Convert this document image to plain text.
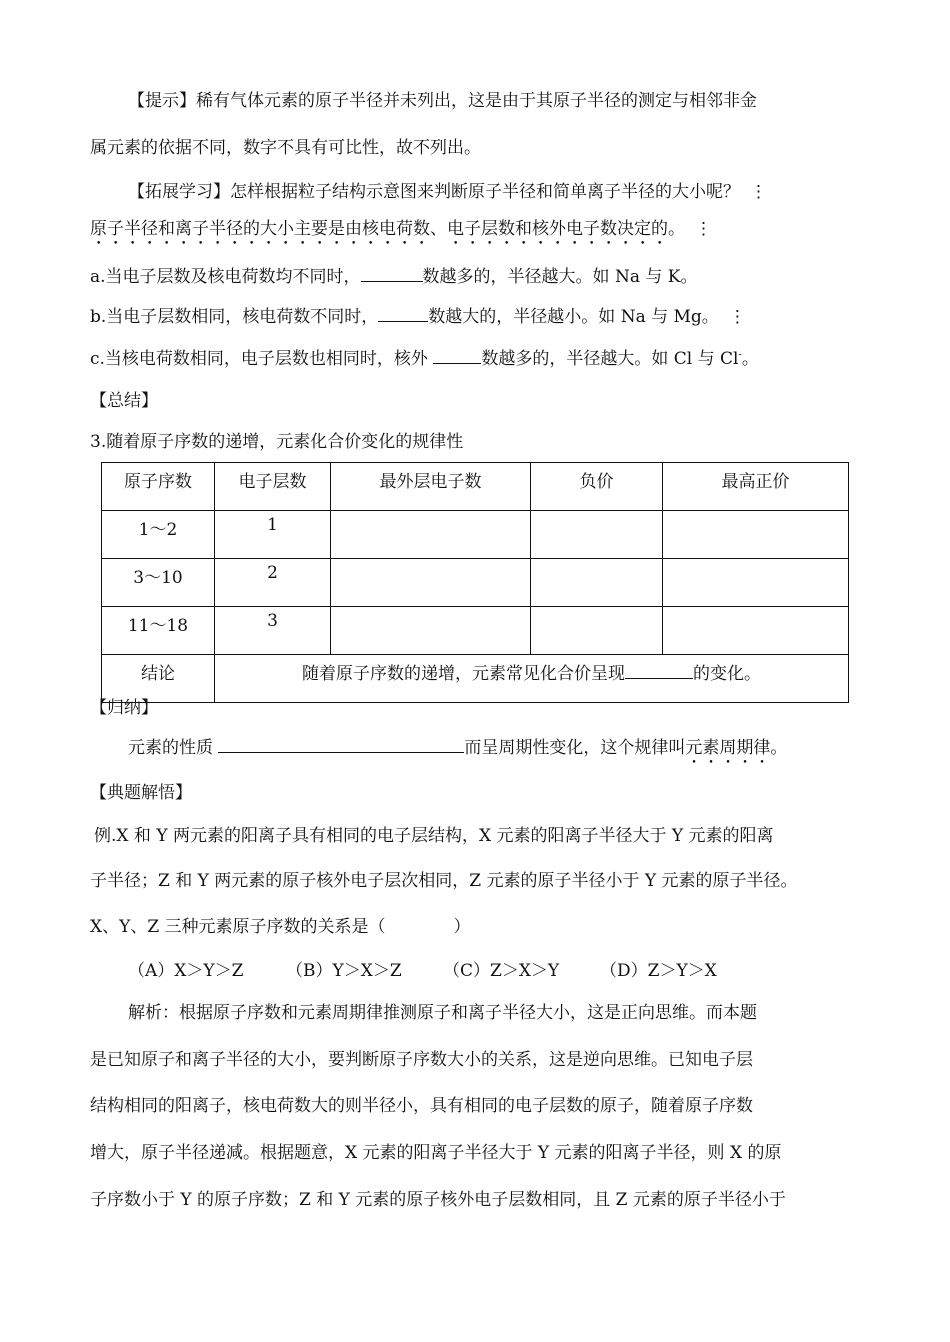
【提示】稀有气体元素的原子半径并未列出，这是由于其原子半径的测定与相邻非金
属元素的依据不同，数字不具有可比性，故不列出。
【拓展学习】怎样根据粒子结构示意图来判断原子半径和简单离子半径的大小呢？ ⋮
原子半径和离子半径的大小主要是由核电荷数、电子层数和核外电子数决定的。 ⋮
a.当电子层数及核电荷数均不同时，	数越多的，半径越大。如 Na 与 K。
b.当电子层数相同，核电荷数不同时，	数越大的，半径越小。如 Na 与 Mg。 ⋮
c.当核电荷数相同，电子层数也相同时，核外	数越多的，半径越大。如 Cl 与 Cl-。
【总结】
3.随着原子序数的递增，元素化合价变化的规律性
原子序数	电子层数	最外层电子数	负价	最高正价
1～2	1			
3～10	2			
11～18	3			
结论	随着原子序数的递增，元素常见化合价呈现 的变化。			
【归纳】
元素的性质	而呈周期性变化，这个规律叫元素周期律。
【典题解悟】
例.X 和 Y 两元素的阳离子具有相同的电子层结构，X 元素的阳离子半径大于 Y 元素的阳离
子半径；Z 和 Y 两元素的原子核外电子层次相同，Z 元素的原子半径小于 Y 元素的原子半径。
X、Y、Z 三种元素原子序数的关系是（　　　　）
（A）X＞Y＞Z	（B）Y＞X＞Z （C）Z＞X＞Y （D）Z＞Y＞X
解析：根据原子序数和元素周期律推测原子和离子半径大小，这是正向思维。而本题
是已知原子和离子半径的大小，要判断原子序数大小的关系，这是逆向思维。已知电子层
结构相同的阳离子，核电荷数大的则半径小，具有相同的电子层数的原子，随着原子序数
增大，原子半径递减。根据题意，X 元素的阳离子半径大于 Y 元素的阳离子半径，则 X 的原
子序数小于 Y 的原子序数；Z 和 Y 元素的原子核外电子层数相同，且 Z 元素的原子半径小于
